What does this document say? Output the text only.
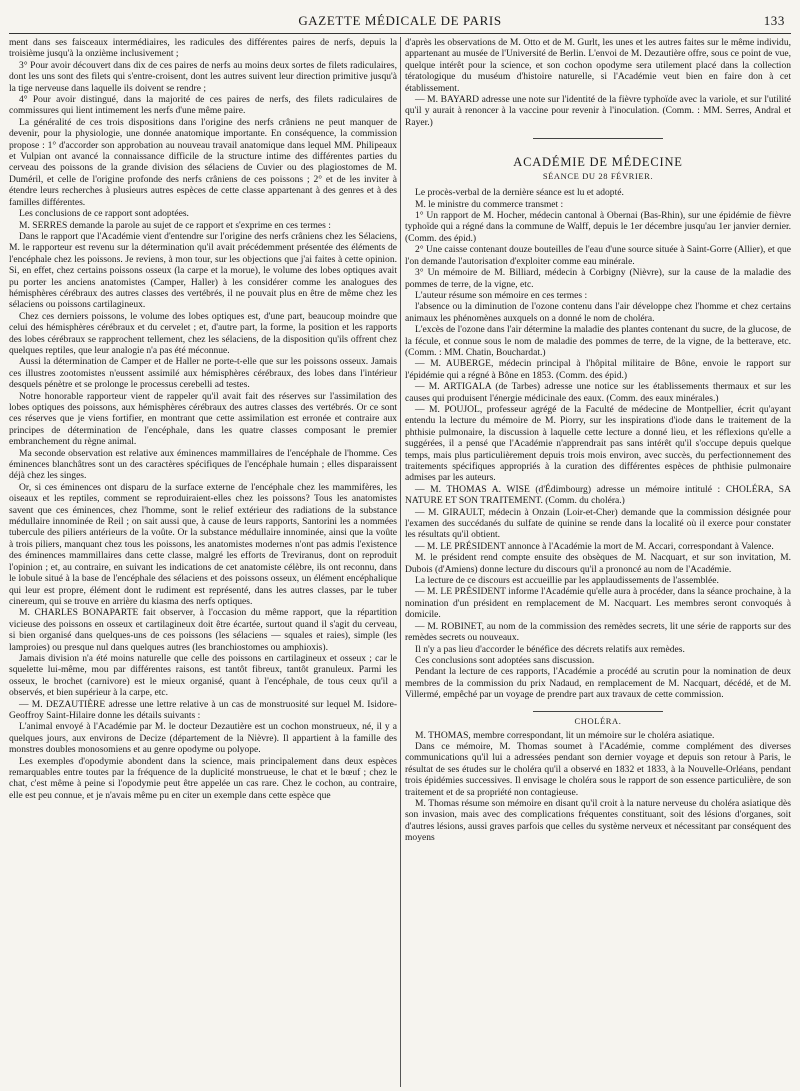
GAZETTE MÉDICALE DE PARIS	133

ment dans ses faisceaux intermédiaires, les radicules des différentes paires de nerfs, depuis la troisième jusqu'à la onzième inclusivement ;

3° Pour avoir découvert dans dix de ces paires de nerfs au moins deux sortes de filets radiculaires, dont les uns sont des filets qui s'entre-croisent, dont les autres suivent leur direction primitive jusqu'à la tige nerveuse dans laquelle ils doivent se rendre ;

4° Pour avoir distingué, dans la majorité de ces paires de nerfs, des filets radiculaires de commissures qui lient intimement les nerfs d'une même paire.

La généralité de ces trois dispositions dans l'origine des nerfs crâniens ne peut manquer de devenir, pour la physiologie, une donnée anatomique importante. En conséquence, la commission propose : 1° d'accorder son approbation au nouveau travail anatomique dans lequel MM. Philipeaux et Vulpian ont avancé la connaissance difficile de la structure intime des différentes parties du cerveau des poissons de la grande division des sélaciens de Cuvier ou des plagiostomes de M. Duméril, et celle de l'origine profonde des nerfs crâniens de ces poissons ; 2° et de les inviter à étendre leurs recherches à plusieurs autres espèces de cette classe appartenant à des genres et à des familles différentes.

Les conclusions de ce rapport sont adoptées.

M. SERRES demande la parole au sujet de ce rapport et s'exprime en ces termes :

Dans le rapport que l'Académie vient d'entendre sur l'origine des nerfs crâniens chez les Sélaciens, M. le rapporteur est revenu sur la détermination qu'il avait précédemment présentée des éléments de l'encéphale chez les poissons. Je reviens, à mon tour, sur les objections que j'ai faites à cette opinion. Si, en effet, chez certains poissons osseux (la carpe et la morue), le volume des lobes optiques avait pu porter les anciens anatomistes (Camper, Haller) à les considérer comme les analogues des hémisphères cérébraux des autres classes des vertébrés, il ne pouvait plus en être de même chez les sélaciens ou poissons cartilagineux.

Chez ces derniers poissons, le volume des lobes optiques est, d'une part, beaucoup moindre que celui des hémisphères cérébraux et du cervelet ; et, d'autre part, la forme, la position et les rapports des lobes cérébraux se rapprochent tellement, chez les sélaciens, de la disposition qu'ils offrent chez quelques reptiles, que leur analogie n'a pas été méconnue.

Aussi la détermination de Camper et de Haller ne porte-t-elle que sur les poissons osseux. Jamais ces illustres zootomistes n'eussent assimilé aux hémisphères cérébraux, des lobes dans l'intérieur desquels pénètre et se prolonge le processus cerebelli ad testes.

Notre honorable rapporteur vient de rappeler qu'il avait fait des réserves sur l'assimilation des lobes optiques des poissons, aux hémisphères cérébraux des autres classes des vertébrés. Or ce sont ces réserves que je viens fortifier, en montrant que cette assimilation est erronée et contraire aux principes de détermination de l'encéphale, dans les quatre classes composant le premier embranchement du règne animal.

Ma seconde observation est relative aux éminences mammillaires de l'encéphale de l'homme. Ces éminences blanchâtres sont un des caractères spécifiques de l'encéphale humain ; elles disparaissent déjà chez les singes.

Or, si ces éminences ont disparu de la surface externe de l'encéphale chez les mammifères, les oiseaux et les reptiles, comment se reproduiraient-elles chez les poissons? Tous les anatomistes savent que ces éminences, chez l'homme, sont le relief extérieur des radiations de la substance médullaire innominée de Reil ; on sait aussi que, à cause de leurs rapports, Santorini les a nommées tubercule des piliers antérieurs de la voûte. Or la substance médullaire innominée, ainsi que la voûte à trois piliers, manquant chez tous les poissons, les anatomistes modernes n'ont pas admis l'existence des éminences mammillaires dans cette classe, malgré les efforts de Treviranus, dont on reproduit l'opinion ; et, au contraire, en suivant les indications de cet anatomiste célèbre, ils ont reconnu, dans le lobule situé à la base de l'encéphale des sélaciens et des poissons osseux, un élément encéphalique qui leur est propre, élément dont le rudiment est représenté, dans les autres classes, par le tuber cinereum, qui se trouve en arrière du kiasma des nerfs optiques.

M. CHARLES BONAPARTE fait observer, à l'occasion du même rapport, que la répartition vicieuse des poissons en osseux et cartilagineux doit être écartée, surtout quand il s'agit du cerveau, si bien organisé dans quelques-uns de ces poissons (les sélaciens — squales et raies), simple (les lamproies) ou presque nul dans quelques autres (les branchiostomes ou amphioxis).

Jamais division n'a été moins naturelle que celle des poissons en cartilagineux et osseux ; car le squelette lui-même, mou par différentes raisons, est tantôt fibreux, tantôt granuleux. Parmi les osseux, le brochet (carnivore) est le mieux organisé, quant à l'encéphale, de tous ceux qu'il a observés, et bien supérieur à la carpe, etc.

— M. DEZAUTIÈRE adresse une lettre relative à un cas de monstruosité sur lequel M. Isidore-Geoffroy Saint-Hilaire donne les détails suivants :

L'animal envoyé à l'Académie par M. le docteur Dezautière est un cochon monstrueux, né, il y a quelques jours, aux environs de Decize (département de la Nièvre). Il appartient à la famille des monstres doubles monosomiens et au genre opodyme ou polyope.

Les exemples d'opodymie abondent dans la science, mais principalement dans deux espèces remarquables entre toutes par la fréquence de la duplicité monstrueuse, le chat et le bœuf ; chez le chat, c'est même à peine si l'opodymie peut être appelée un cas rare. Chez le cochon, au contraire, elle est peu connue, et je n'avais même pu en citer un exemple dans cette espèce que

d'après les observations de M. Otto et de M. Gurlt, les unes et les autres faites sur le même individu, appartenant au musée de l'Université de Berlin. L'envoi de M. Dezautière offre, sous ce point de vue, quelque intérêt pour la science, et son cochon opodyme sera utilement placé dans la collection tératologique du muséum d'histoire naturelle, si l'Académie veut bien en faire don à cet établissement.

— M. BAYARD adresse une note sur l'identité de la fièvre typhoïde avec la variole, et sur l'utilité qu'il y aurait à renoncer à la vaccine pour revenir à l'inoculation. (Comm. : MM. Serres, Andral et Rayer.)

ACADÉMIE DE MÉDECINE
SÉANCE DU 28 FÉVRIER.

Le procès-verbal de la dernière séance est lu et adopté.

M. le ministre du commerce transmet :

1° Un rapport de M. Hocher, médecin cantonal à Obernai (Bas-Rhin), sur une épidémie de fièvre typhoïde qui a régné dans la commune de Walff, depuis le 1er décembre jusqu'au 1er janvier dernier. (Comm. des épid.)

2° Une caisse contenant douze bouteilles de l'eau d'une source située à Saint-Gorre (Allier), et que l'on demande l'autorisation d'exploiter comme eau minérale.

3° Un mémoire de M. Billiard, médecin à Corbigny (Nièvre), sur la cause de la maladie des pommes de terre, de la vigne, etc.

L'auteur résume son mémoire en ces termes :

l'absence ou la diminution de l'ozone contenu dans l'air développe chez l'homme et chez certains animaux les phénomènes auxquels on a donné le nom de choléra.

L'excès de l'ozone dans l'air détermine la maladie des plantes contenant du sucre, de la glucose, de la fécule, et connue sous le nom de maladie des pommes de terre, de la vigne, de la betterave, etc. (Comm. : MM. Chatin, Bouchardat.)

— M. AUBERGE, médecin principal à l'hôpital militaire de Bône, envoie le rapport sur l'épidémie qui a régné à Bône en 1853. (Comm. des épid.)

— M. ARTIGALA (de Tarbes) adresse une notice sur les établissements thermaux et sur les causes qui produisent l'énergie médicinale des eaux. (Comm. des eaux minérales.)

— M. POUJOL, professeur agrégé de la Faculté de médecine de Montpellier, écrit qu'ayant entendu la lecture du mémoire de M. Piorry, sur les inspirations d'iode dans le traitement de la phthisie pulmonaire, la discussion à laquelle cette lecture a donné lieu, et les réflexions qu'elle a suggérées, il a pensé que l'Académie n'apprendrait pas sans intérêt qu'il s'occupe depuis quelque temps, mais plus particulièrement depuis trois mois environ, avec succès, du perfectionnement des traitements spécifiques appropriés à la curation des différentes espèces de phthisie pulmonaire admises par les auteurs.

— M. THOMAS A. WISE (d'Édimbourg) adresse un mémoire intitulé : CHOLÉRA, SA NATURE ET SON TRAITEMENT. (Comm. du choléra.)

— M. GIRAULT, médecin à Onzain (Loir-et-Cher) demande que la commission désignée pour l'examen des succédanés du sulfate de quinine se rende dans la localité où il exerce pour constater les résultats qu'il obtient.

— M. LE PRÉSIDENT annonce à l'Académie la mort de M. Accari, correspondant à Valence.

M. le président rend compte ensuite des obsèques de M. Nacquart, et sur son invitation, M. Dubois (d'Amiens) donne lecture du discours qu'il a prononcé au nom de l'Académie.

La lecture de ce discours est accueillie par les applaudissements de l'assemblée.

— M. LE PRÉSIDENT informe l'Académie qu'elle aura à procéder, dans la séance prochaine, à la nomination d'un président en remplacement de M. Nacquart. Les membres seront convoqués à domicile.

— M. ROBINET, au nom de la commission des remèdes secrets, lit une série de rapports sur des remèdes secrets ou nouveaux.

Il n'y a pas lieu d'accorder le bénéfice des décrets relatifs aux remèdes.

Ces conclusions sont adoptées sans discussion.

Pendant la lecture de ces rapports, l'Académie a procédé au scrutin pour la nomination de deux membres de la commission du prix Nadaud, en remplacement de M. Nacquart, décédé, et de M. Villermé, empêché par un voyage de prendre part aux travaux de cette commission.

CHOLÉRA.

M. THOMAS, membre correspondant, lit un mémoire sur le choléra asiatique.

Dans ce mémoire, M. Thomas soumet à l'Académie, comme complément des diverses communications qu'il lui a adressées pendant son dernier voyage et depuis son retour à Paris, le résultat de ses études sur le choléra qu'il a observé en 1832 et 1833, à la Nouvelle-Orléans, pendant trois épidémies successives. Il envisage le choléra sous le rapport de son essence particulière, de son traitement et de sa propriété non contagieuse.

M. Thomas résume son mémoire en disant qu'il croit à la nature nerveuse du choléra asiatique dès son invasion, mais avec des complications fréquentes constituant, soit des lésions d'organes, soit d'autres lésions, aussi graves parfois que celles du système nerveux et nécessitant par conséquent des moyens
